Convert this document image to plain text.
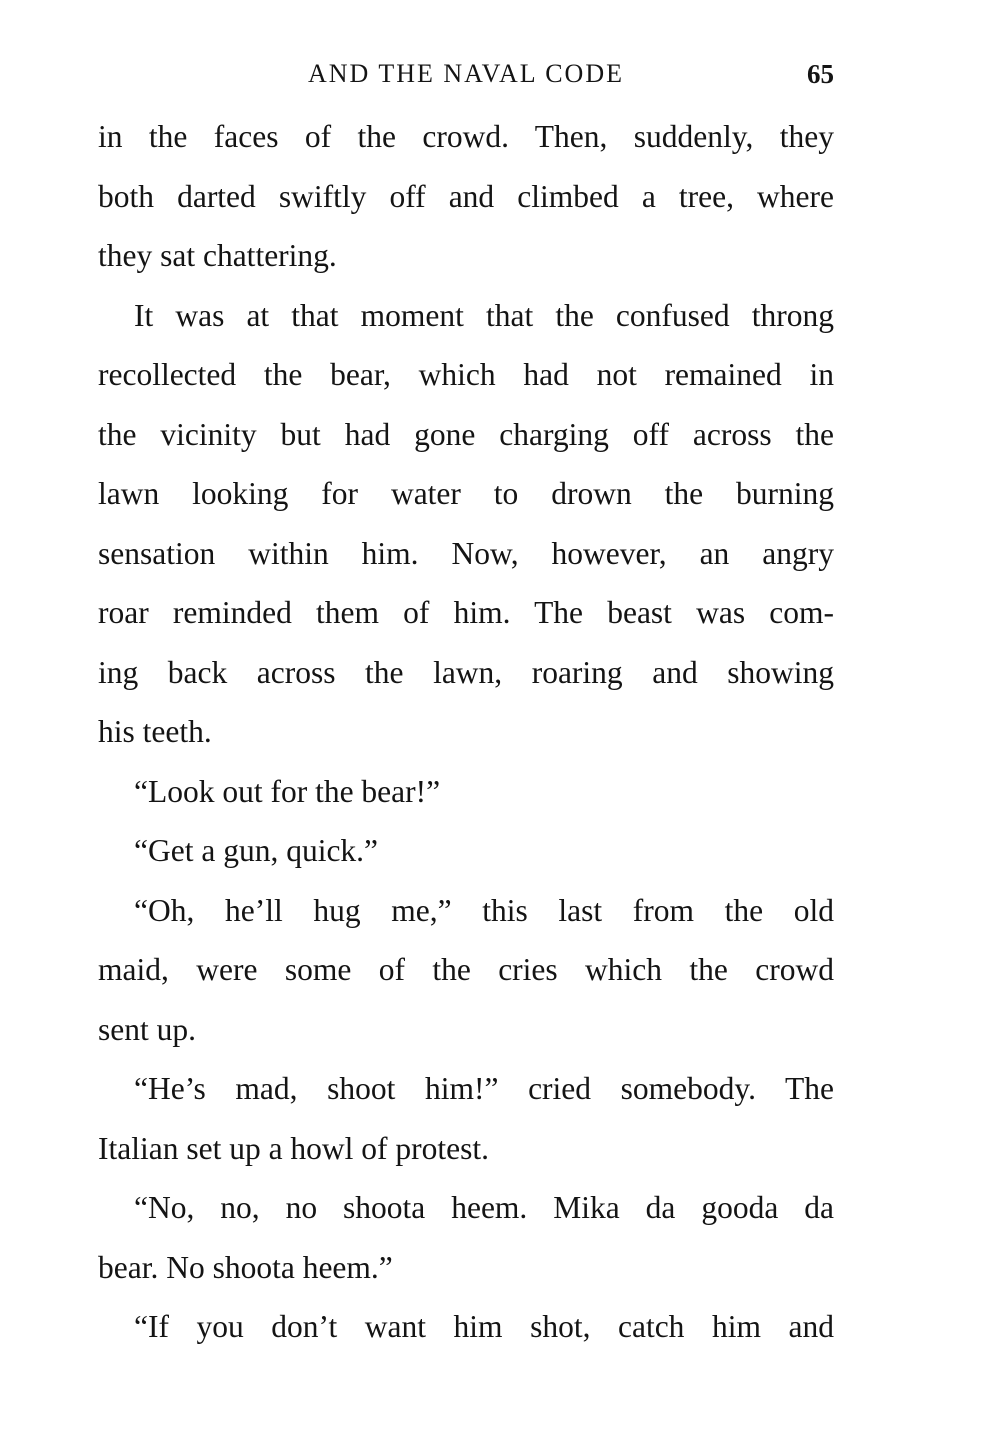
AND THE NAVAL CODE	65
in the faces of the crowd. Then, suddenly, they
both darted swiftly off and climbed a tree, where
they sat chattering.
It was at that moment that the confused throng
recollected the bear, which had not remained in
the vicinity but had gone charging off across the
lawn looking for water to drown the burning
sensation within him. Now, however, an angry
roar reminded them of him. The beast was com-
ing back across the lawn, roaring and showing
his teeth.
“Look out for the bear!”
“Get a gun, quick.”
“Oh, he’ll hug me,” this last from the old
maid, were some of the cries which the crowd
sent up.
“He’s mad, shoot him!” cried somebody. The
Italian set up a howl of protest.
“No, no, no shoota heem. Mika da gooda da
bear. No shoota heem.”
“If you don’t want him shot, catch him and
